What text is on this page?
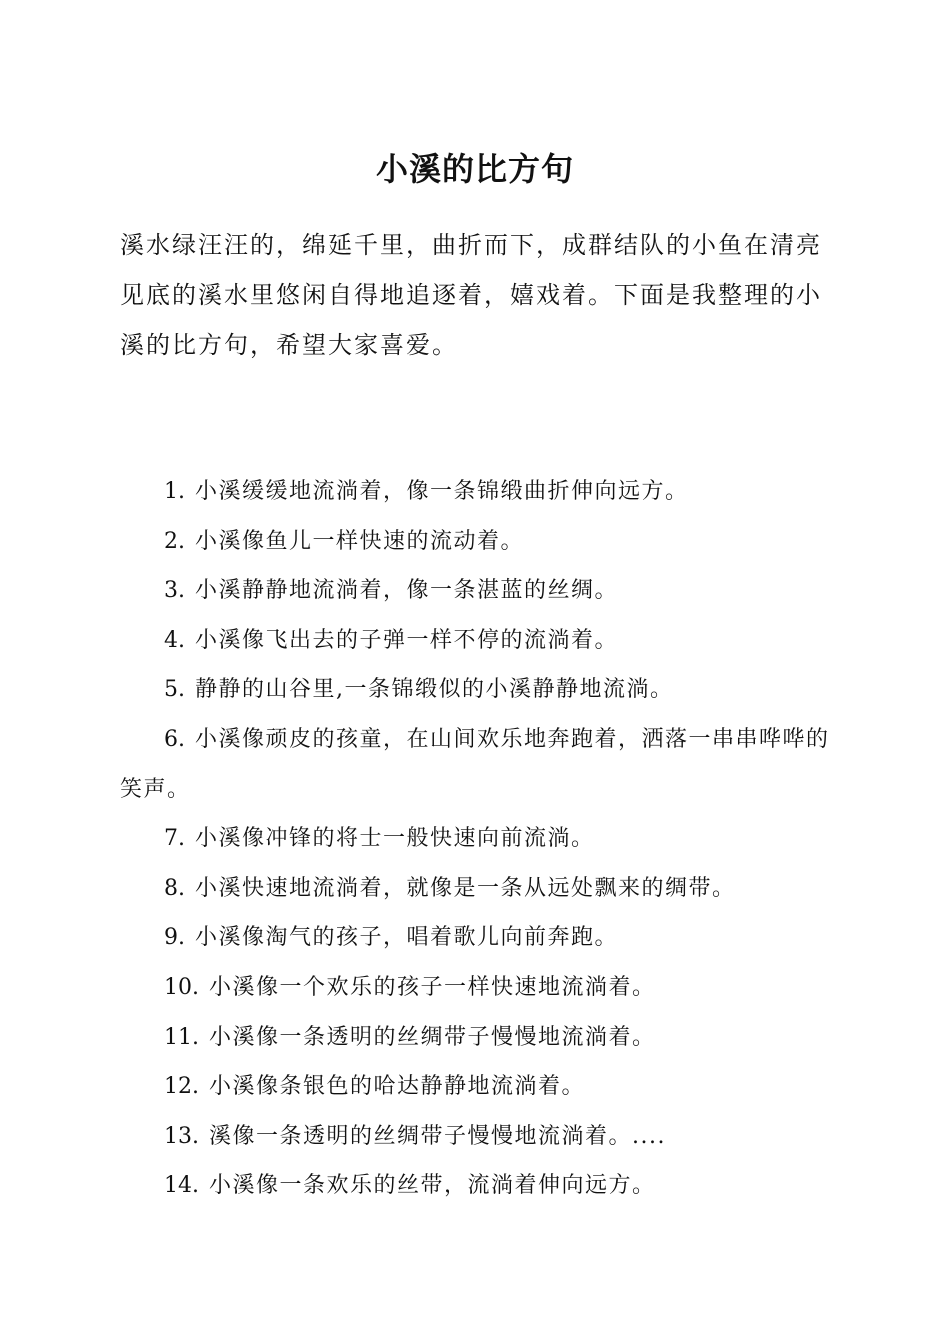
小溪的比方句

溪水绿汪汪的，绵延千里，曲折而下，成群结队的小鱼在清亮见底的溪水里悠闲自得地追逐着，嬉戏着。下面是我整理的小溪的比方句，希望大家喜爱。

1. 小溪缓缓地流淌着，像一条锦缎曲折伸向远方。
2. 小溪像鱼儿一样快速的流动着。
3. 小溪静静地流淌着，像一条湛蓝的丝绸。
4. 小溪像飞出去的子弹一样不停的流淌着。
5. 静静的山谷里,一条锦缎似的小溪静静地流淌。
6. 小溪像顽皮的孩童，在山间欢乐地奔跑着，洒落一串串哗哗的笑声。
7. 小溪像冲锋的将士一般快速向前流淌。
8. 小溪快速地流淌着，就像是一条从远处飘来的绸带。
9. 小溪像淘气的孩子，唱着歌儿向前奔跑。
10. 小溪像一个欢乐的孩子一样快速地流淌着。
11. 小溪像一条透明的丝绸带子慢慢地流淌着。
12. 小溪像条银色的哈达静静地流淌着。
13. 溪像一条透明的丝绸带子慢慢地流淌着。....
14. 小溪像一条欢乐的丝带，流淌着伸向远方。
